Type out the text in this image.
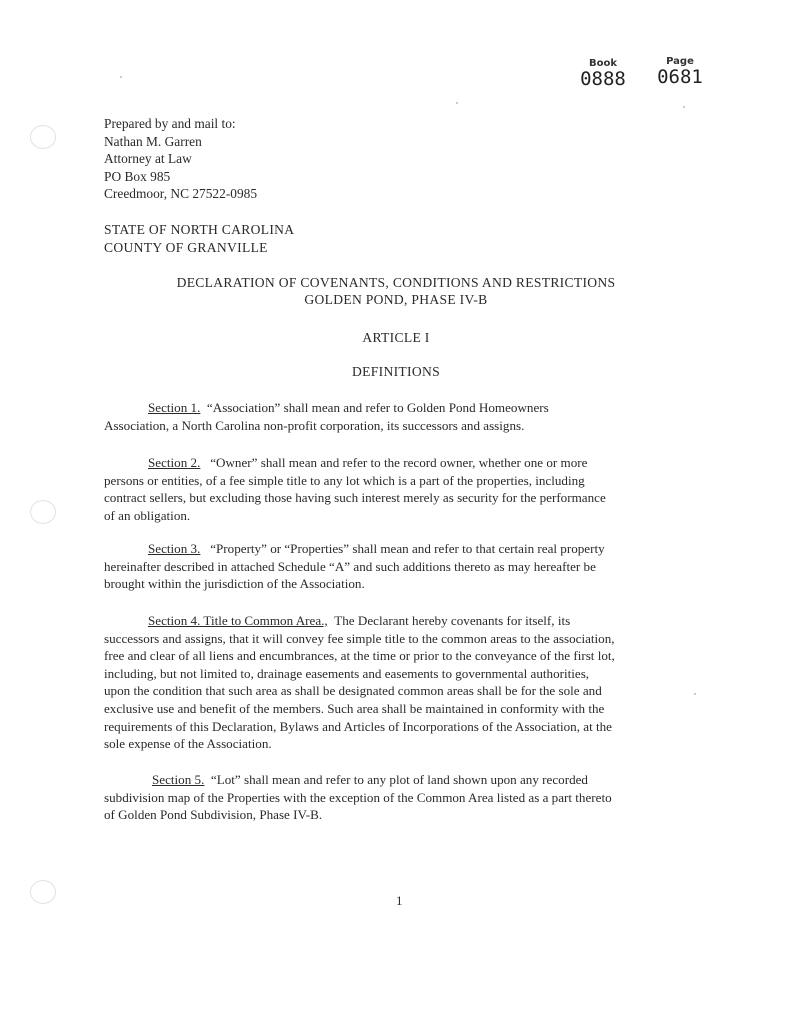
Book
0888
Page
0681
Prepared by and mail to:
Nathan M. Garren
Attorney at Law
PO Box 985
Creedmoor, NC 27522-0985
STATE OF NORTH CAROLINA
COUNTY OF GRANVILLE
DECLARATION OF COVENANTS, CONDITIONS AND RESTRICTIONS
GOLDEN POND, PHASE IV-B
ARTICLE I
DEFINITIONS
Section 1. “Association” shall mean and refer to Golden Pond Homeowners
Association, a North Carolina non-profit corporation, its successors and assigns.
Section 2. “Owner” shall mean and refer to the record owner, whether one or more
persons or entities, of a fee simple title to any lot which is a part of the properties, including
contract sellers, but excluding those having such interest merely as security for the performance
of an obligation.
Section 3. “Property” or “Properties” shall mean and refer to that certain real property
hereinafter described in attached Schedule “A” and such additions thereto as may hereafter be
brought within the jurisdiction of the Association.
Section 4. Title to Common Area., The Declarant hereby covenants for itself, its
successors and assigns, that it will convey fee simple title to the common areas to the association,
free and clear of all liens and encumbrances, at the time or prior to the conveyance of the first lot,
including, but not limited to, drainage easements and easements to governmental authorities,
upon the condition that such area as shall be designated common areas shall be for the sole and
exclusive use and benefit of the members. Such area shall be maintained in conformity with the
requirements of this Declaration, Bylaws and Articles of Incorporations of the Association, at the
sole expense of the Association.
Section 5. “Lot” shall mean and refer to any plot of land shown upon any recorded
subdivision map of the Properties with the exception of the Common Area listed as a part thereto
of Golden Pond Subdivision, Phase IV-B.
1
